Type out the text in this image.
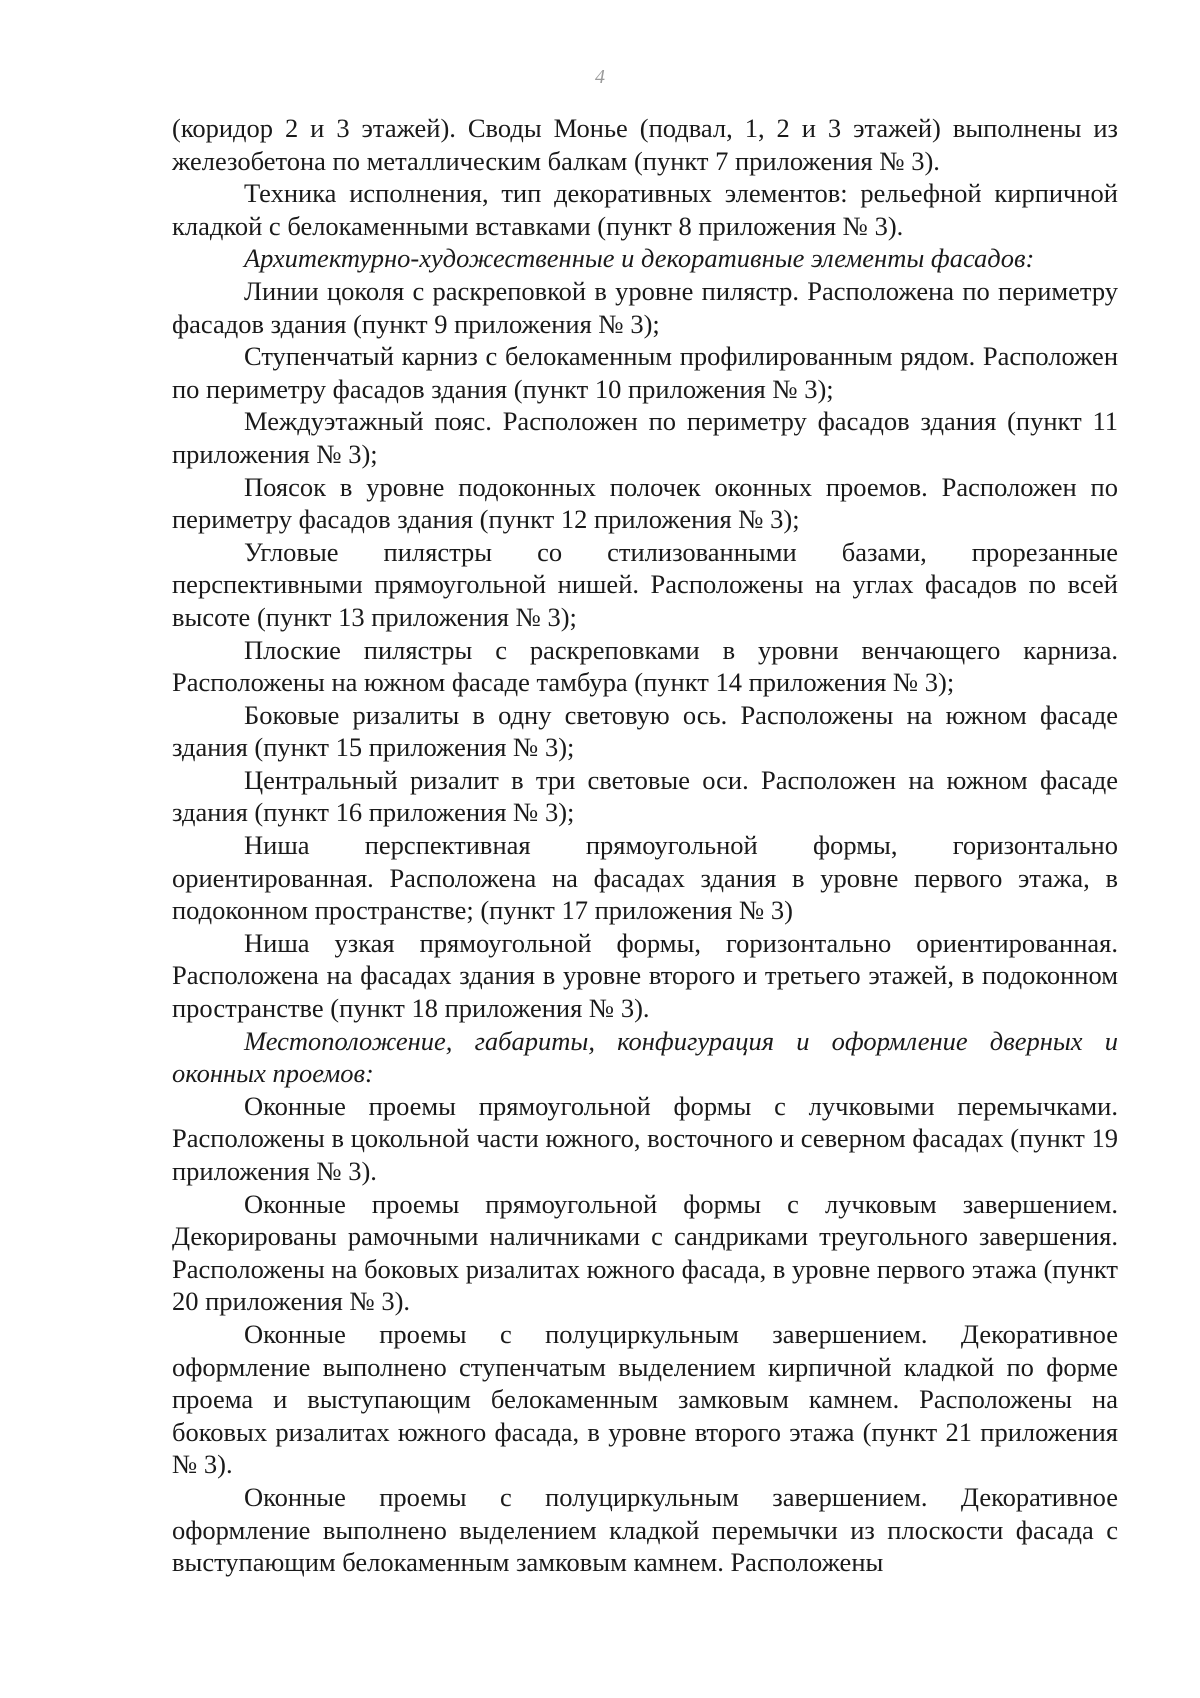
4

(коридор 2 и 3 этажей). Своды Монье (подвал, 1, 2 и 3 этажей) выполнены из железобетона по металлическим балкам (пункт 7 приложения № 3).

Техника исполнения, тип декоративных элементов: рельефной кирпичной кладкой с белокаменными вставками (пункт 8 приложения № 3).

Архитектурно-художественные и декоративные элементы фасадов:

Линии цоколя с раскреповкой в уровне пилястр. Расположена по периметру фасадов здания (пункт 9 приложения № 3);

Ступенчатый карниз с белокаменным профилированным рядом. Расположен по периметру фасадов здания (пункт 10 приложения № 3);

Междуэтажный пояс. Расположен по периметру фасадов здания (пункт 11 приложения № 3);

Поясок в уровне подоконных полочек оконных проемов. Расположен по периметру фасадов здания (пункт 12 приложения № 3);

Угловые пилястры со стилизованными базами, прорезанные перспективными прямоугольной нишей. Расположены на углах фасадов по всей высоте (пункт 13 приложения № 3);

Плоские пилястры с раскреповками в уровни венчающего карниза. Расположены на южном фасаде тамбура (пункт 14 приложения № 3);

Боковые ризалиты в одну световую ось. Расположены на южном фасаде здания (пункт 15 приложения № 3);

Центральный ризалит в три световые оси. Расположен на южном фасаде здания (пункт 16 приложения № 3);

Ниша перспективная прямоугольной формы, горизонтально ориентированная. Расположена на фасадах здания в уровне первого этажа, в подоконном пространстве; (пункт 17 приложения № 3)

Ниша узкая прямоугольной формы, горизонтально ориентированная. Расположена на фасадах здания в уровне второго и третьего этажей, в подоконном пространстве (пункт 18 приложения № 3).

Местоположение, габариты, конфигурация и оформление дверных и оконных проемов:

Оконные проемы прямоугольной формы с лучковыми перемычками. Расположены в цокольной части южного, восточного и северном фасадах (пункт 19 приложения № 3).

Оконные проемы прямоугольной формы с лучковым завершением. Декорированы рамочными наличниками с сандриками треугольного завершения. Расположены на боковых ризалитах южного фасада, в уровне первого этажа (пункт 20 приложения № 3).

Оконные проемы с полуциркульным завершением. Декоративное оформление выполнено ступенчатым выделением кирпичной кладкой по форме проема и выступающим белокаменным замковым камнем. Расположены на боковых ризалитах южного фасада, в уровне второго этажа (пункт 21 приложения № 3).

Оконные проемы с полуциркульным завершением. Декоративное оформление выполнено выделением кладкой перемычки из плоскости фасада с выступающим белокаменным замковым камнем. Расположены
